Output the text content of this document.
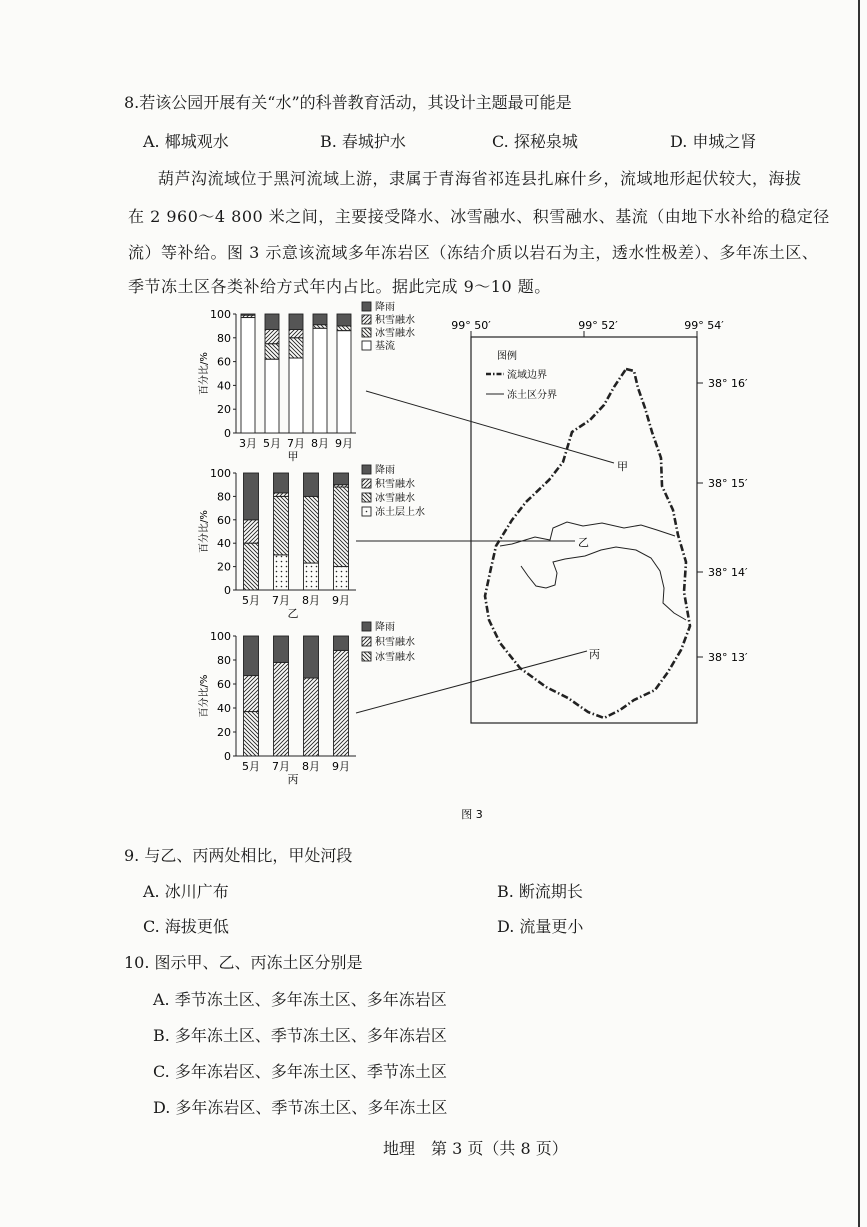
8.若该公园开展有关“水”的科普教育活动，其设计主题最可能是
A. 椰城观水	B. 春城护水	C. 探秘泉城	D. 申城之肾
葫芦沟流域位于黑河流域上游，隶属于青海省祁连县扎麻什乡，流域地形起伏较大，海拔
在 2 960～4 800 米之间，主要接受降水、冰雪融水、积雪融水、基流（由地下水补给的稳定径
流）等补给。图 3 示意该流域多年冻岩区（冻结介质以岩石为主，透水性极差）、多年冻土区、
季节冻土区各类补给方式年内占比。据此完成 9～10 题。
0
20
40
60
80
100
百分比/%
3月 5月 7月 8月 9月
甲
降雨
积雪融水
冰雪融水
基流
0
20
40
60
80
100
百分比/%
5月 7月 8月 9月
乙
降雨
积雪融水
冰雪融水
冻土层上水
0
20
40
60
80
100
百分比/%
5月 7月 8月 9月
丙
降雨
积雪融水
冰雪融水
99° 50′	99° 52′	99° 54′
38° 16′
38° 15′
38° 14′
38° 13′
图例
流域边界
冻土区分界
甲
乙
丙
图 3
9. 与乙、丙两处相比，甲处河段
A. 冰川广布	B. 断流期长
C. 海拔更低	D. 流量更小
10. 图示甲、乙、丙冻土区分别是
A. 季节冻土区、多年冻土区、多年冻岩区
B. 多年冻土区、季节冻土区、多年冻岩区
C. 多年冻岩区、多年冻土区、季节冻土区
D. 多年冻岩区、季节冻土区、多年冻土区
地理　第 3 页（共 8 页）
